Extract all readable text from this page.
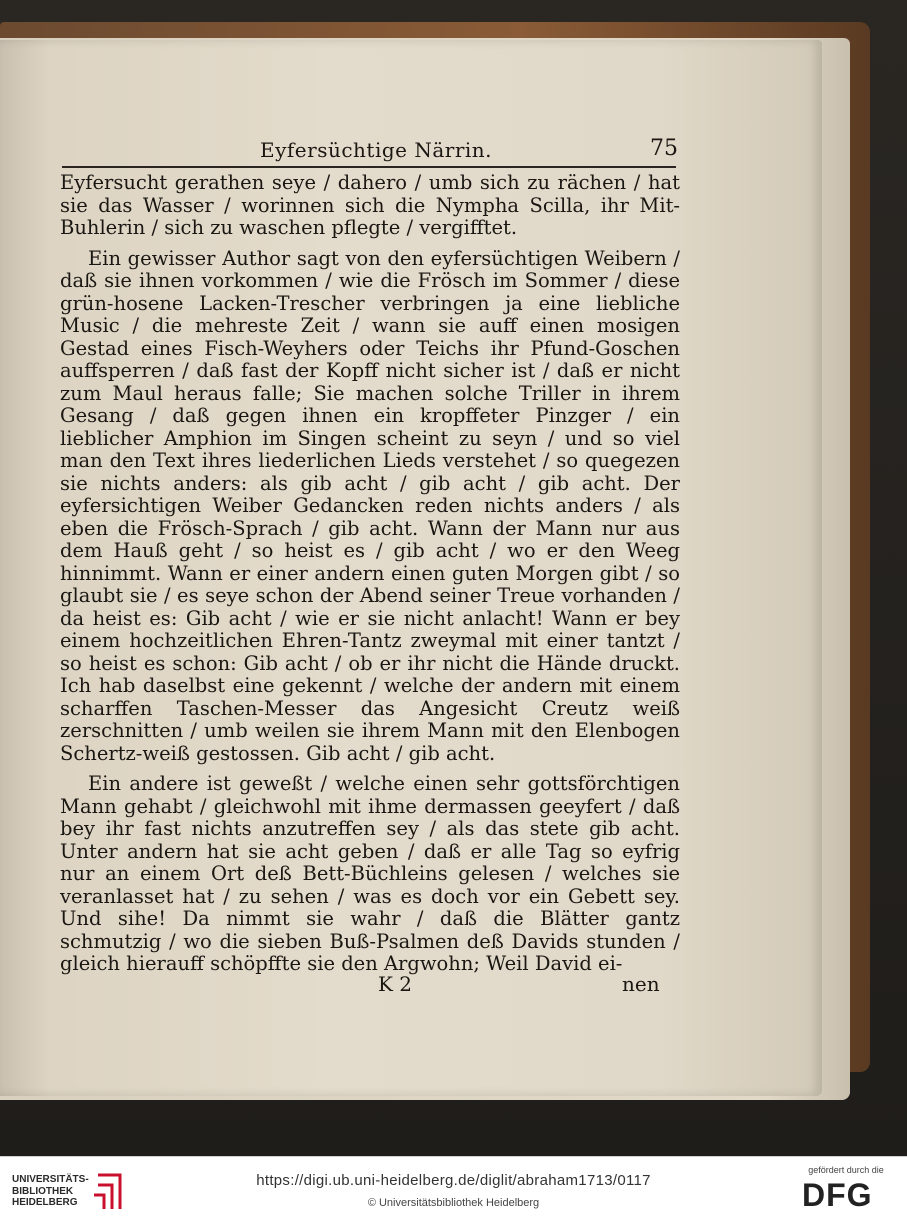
Eyfersüchtige Närrin.	75

Eyfersucht gerathen seye / dahero / umb sich zu rächen / hat sie das Wasser / worinnen sich die Nympha Scilla, ihr Mit-Buhlerin / sich zu waschen pflegte / vergifftet.

Ein gewisser Author sagt von den eyfersüchtigen Weibern / daß sie ihnen vorkommen / wie die Frösch im Sommer / diese grün-hosene Lacken-Trescher verbringen ja eine liebliche Music / die mehreste Zeit / wann sie auff einen mosigen Gestad eines Fisch-Weyhers oder Teichs ihr Pfund-Goschen auffsperren / daß fast der Kopff nicht sicher ist / daß er nicht zum Maul heraus falle; Sie machen solche Triller in ihrem Gesang / daß gegen ihnen ein kropffeter Pinzger / ein lieblicher Amphion im Singen scheint zu seyn / und so viel man den Text ihres liederlichen Lieds verstehet / so quegezen sie nichts anders: als gib acht / gib acht / gib acht. Der eyfersichtigen Weiber Gedancken reden nichts anders / als eben die Frösch-Sprach / gib acht. Wann der Mann nur aus dem Hauß geht / so heist es / gib acht / wo er den Weeg hinnimmt. Wann er einer andern einen guten Morgen gibt / so glaubt sie / es seye schon der Abend seiner Treue vorhanden / da heist es: Gib acht / wie er sie nicht anlacht! Wann er bey einem hochzeitlichen Ehren-Tantz zweymal mit einer tantzt / so heist es schon: Gib acht / ob er ihr nicht die Hände druckt. Ich hab daselbst eine gekennt / welche der andern mit einem scharffen Taschen-Messer das Angesicht Creutz weiß zerschnitten / umb weilen sie ihrem Mann mit den Elenbogen Schertz-weiß gestossen. Gib acht / gib acht.

Ein andere ist geweßt / welche einen sehr gottsförchtigen Mann gehabt / gleichwohl mit ihme dermassen geeyfert / daß bey ihr fast nichts anzutreffen sey / als das stete gib acht. Unter andern hat sie acht geben / daß er alle Tag so eyfrig nur an einem Ort deß Bett-Büchleins gelesen / welches sie veranlasset hat / zu sehen / was es doch vor ein Gebett sey. Und sihe! Da nimmt sie wahr / daß die Blätter gantz schmutzig / wo die sieben Buß-Psalmen deß Davids stunden / gleich hierauff schöpffte sie den Argwohn; Weil David ei-

K 2	nen
UNIVERSITÄTS-
BIBLIOTHEK
HEIDELBERG
https://digi.ub.uni-heidelberg.de/diglit/abraham1713/0117
© Universitätsbibliothek Heidelberg
gefördert durch die
DFG
